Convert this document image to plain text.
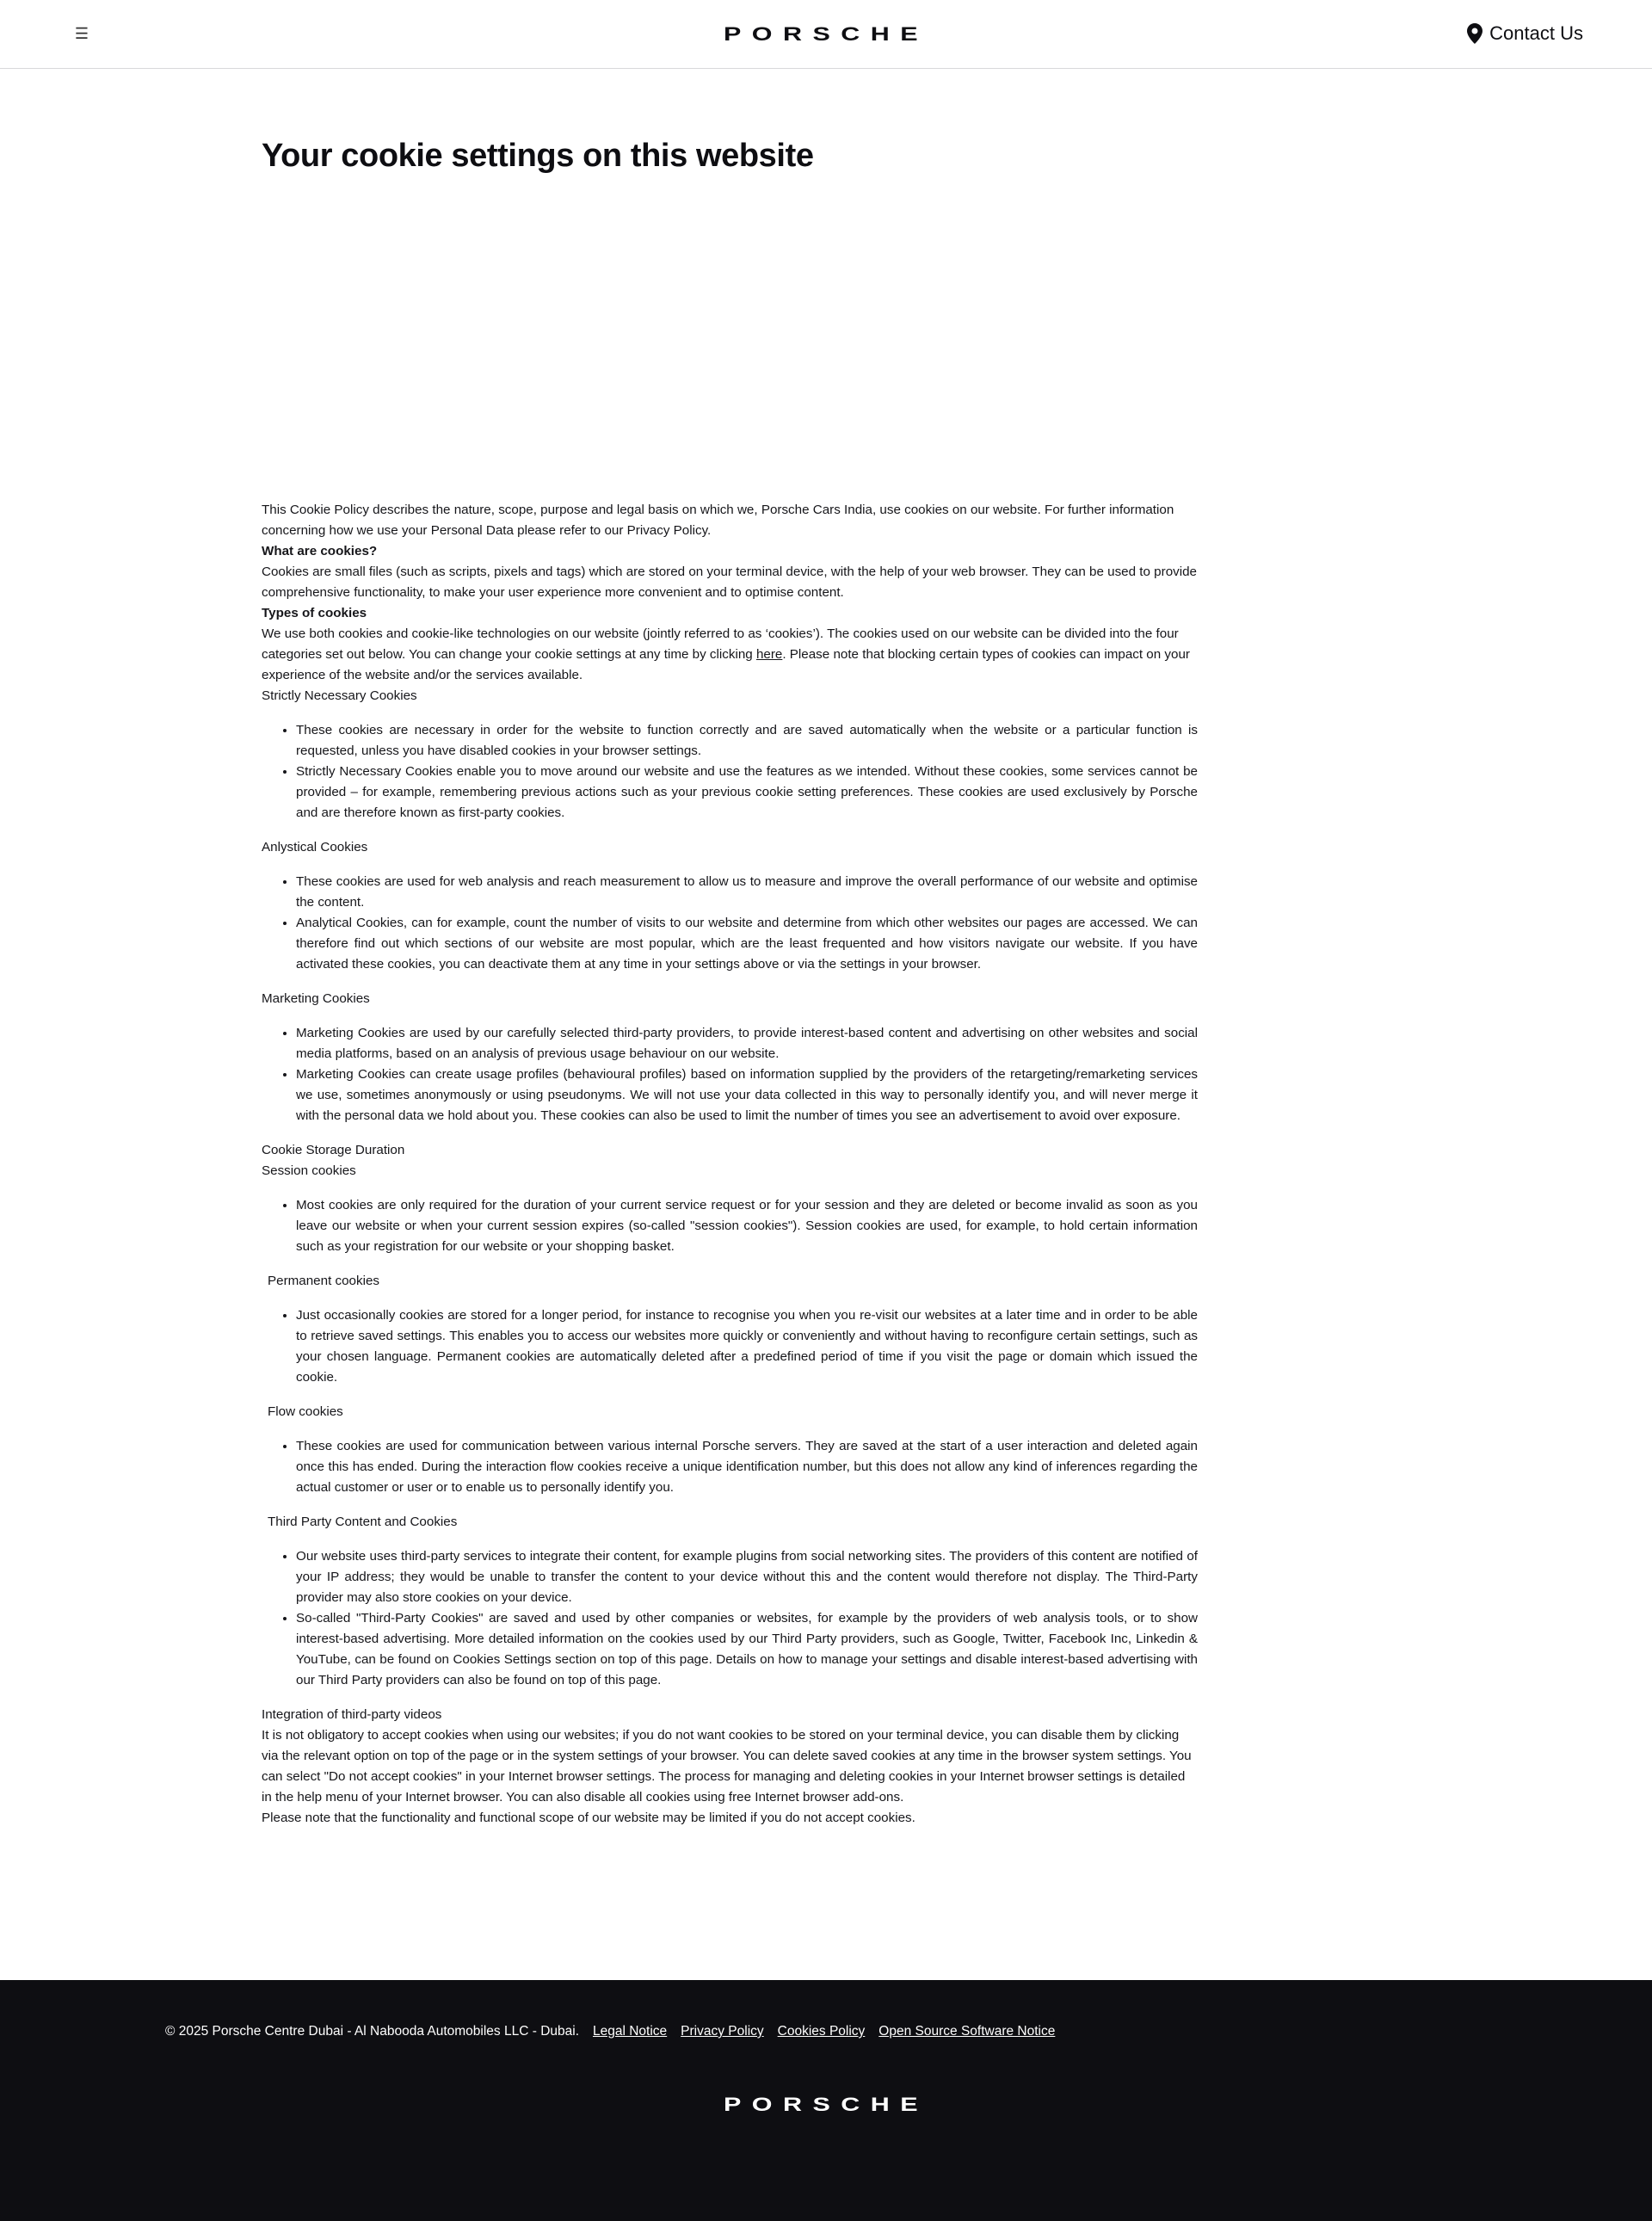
☰	PORSCHE	Contact Us
Your cookie settings on this website

This Cookie Policy describes the nature, scope, purpose and legal basis on which we, Porsche Cars India, use cookies on our website. For further information concerning how we use your Personal Data please refer to our Privacy Policy.

What are cookies?

Cookies are small files (such as scripts, pixels and tags) which are stored on your terminal device, with the help of your web browser. They can be used to provide comprehensive functionality, to make your user experience more convenient and to optimise content.

Types of cookies

We use both cookies and cookie-like technologies on our website (jointly referred to as ‘cookies’). The cookies used on our website can be divided into the four categories set out below. You can change your cookie settings at any time by clicking here. Please note that blocking certain types of cookies can impact on your experience of the website and/or the services available.

Strictly Necessary Cookies

• These cookies are necessary in order for the website to function correctly and are saved automatically when the website or a particular function is requested, unless you have disabled cookies in your browser settings.
• Strictly Necessary Cookies enable you to move around our website and use the features as we intended. Without these cookies, some services cannot be provided – for example, remembering previous actions such as your previous cookie setting preferences. These cookies are used exclusively by Porsche and are therefore known as first-party cookies.

Anlystical Cookies

• These cookies are used for web analysis and reach measurement to allow us to measure and improve the overall performance of our website and optimise the content.
• Analytical Cookies, can for example, count the number of visits to our website and determine from which other websites our pages are accessed. We can therefore find out which sections of our website are most popular, which are the least frequented and how visitors navigate our website. If you have activated these cookies, you can deactivate them at any time in your settings above or via the settings in your browser.

Marketing Cookies

• Marketing Cookies are used by our carefully selected third-party providers, to provide interest-based content and advertising on other websites and social media platforms, based on an analysis of previous usage behaviour on our website.
• Marketing Cookies can create usage profiles (behavioural profiles) based on information supplied by the providers of the retargeting/remarketing services we use, sometimes anonymously or using pseudonyms. We will not use your data collected in this way to personally identify you, and will never merge it with the personal data we hold about you. These cookies can also be used to limit the number of times you see an advertisement to avoid over exposure.

Cookie Storage Duration

Session cookies

• Most cookies are only required for the duration of your current service request or for your session and they are deleted or become invalid as soon as you leave our website or when your current session expires (so-called "session cookies"). Session cookies are used, for example, to hold certain information such as your registration for our website or your shopping basket.

Permanent cookies

• Just occasionally cookies are stored for a longer period, for instance to recognise you when you re-visit our websites at a later time and in order to be able to retrieve saved settings. This enables you to access our websites more quickly or conveniently and without having to reconfigure certain settings, such as your chosen language. Permanent cookies are automatically deleted after a predefined period of time if you visit the page or domain which issued the cookie.

Flow cookies

• These cookies are used for communication between various internal Porsche servers. They are saved at the start of a user interaction and deleted again once this has ended. During the interaction flow cookies receive a unique identification number, but this does not allow any kind of inferences regarding the actual customer or user or to enable us to personally identify you.

Third Party Content and Cookies

• Our website uses third-party services to integrate their content, for example plugins from social networking sites. The providers of this content are notified of your IP address; they would be unable to transfer the content to your device without this and the content would therefore not display. The Third-Party provider may also store cookies on your device.
• So-called "Third-Party Cookies" are saved and used by other companies or websites, for example by the providers of web analysis tools, or to show interest-based advertising. More detailed information on the cookies used by our Third Party providers, such as Google, Twitter, Facebook Inc, Linkedin & YouTube, can be found on Cookies Settings section on top of this page. Details on how to manage your settings and disable interest-based advertising with our Third Party providers can also be found on top of this page.

Integration of third-party videos

It is not obligatory to accept cookies when using our websites; if you do not want cookies to be stored on your terminal device, you can disable them by clicking via the relevant option on top of the page or in the system settings of your browser. You can delete saved cookies at any time in the browser system settings. You can select "Do not accept cookies" in your Internet browser settings. The process for managing and deleting cookies in your Internet browser settings is detailed in the help menu of your Internet browser. You can also disable all cookies using free Internet browser add-ons.

Please note that the functionality and functional scope of our website may be limited if you do not accept cookies.

© 2025 Porsche Centre Dubai - Al Nabooda Automobiles LLC - Dubai. Legal Notice Privacy Policy Cookies Policy Open Source Software Notice
PORSCHE
